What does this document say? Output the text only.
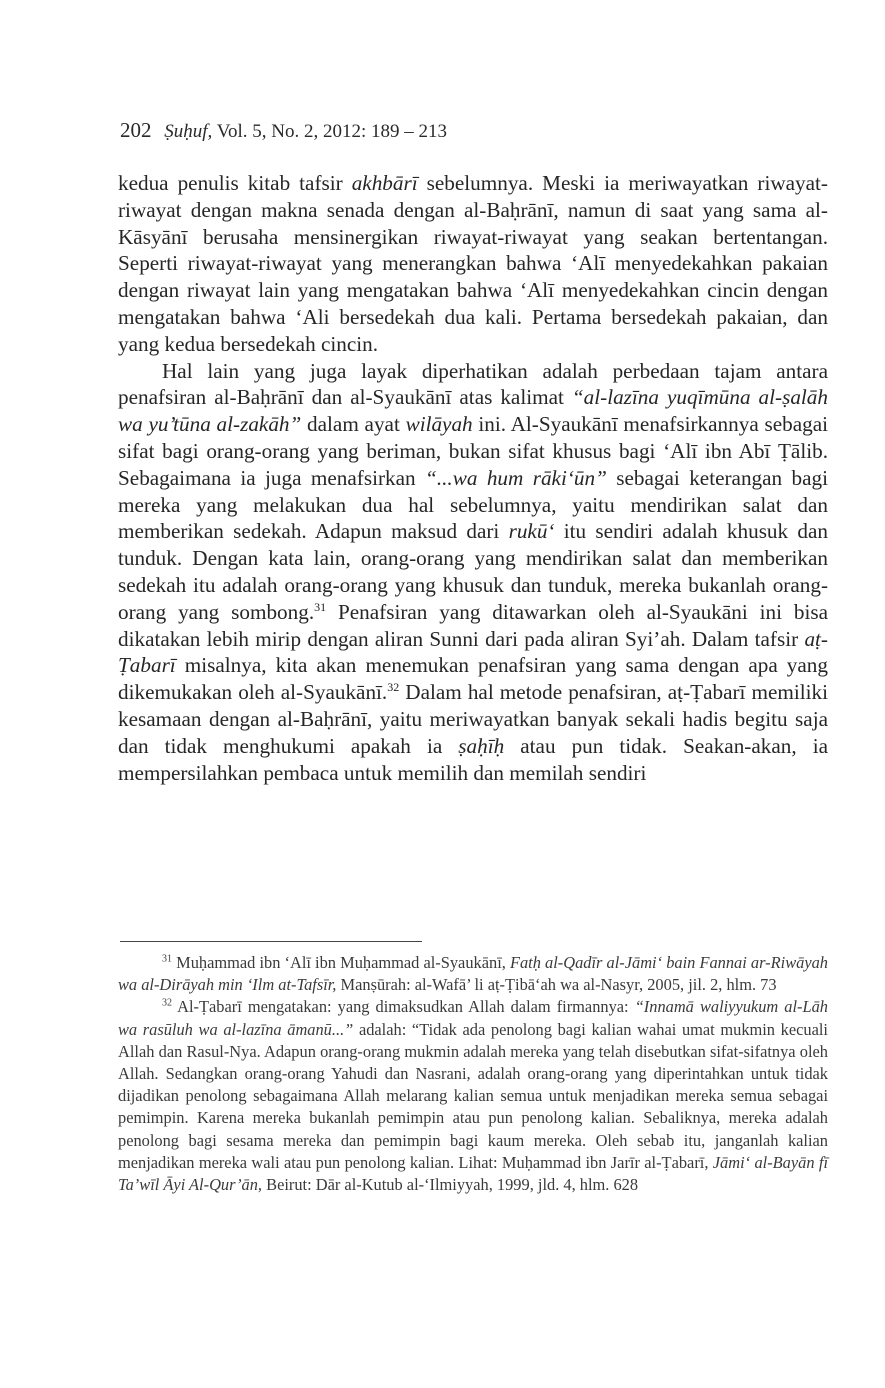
202 Ṣuḥuf, Vol. 5, No. 2, 2012: 189 – 213

kedua penulis kitab tafsir akhbārī sebelumnya. Meski ia meriwayatkan riwayat-riwayat dengan makna senada dengan al-Baḥrānī, namun di saat yang sama al-Kāsyānī berusaha mensinergikan riwayat-riwayat yang seakan bertentangan. Seperti riwayat-riwayat yang menerangkan bahwa ‘Alī menyedekahkan pakaian dengan riwayat lain yang mengatakan bahwa ‘Alī menyedekahkan cincin dengan mengatakan bahwa ‘Ali bersedekah dua kali. Pertama bersedekah pakaian, dan yang kedua bersedekah cincin.

Hal lain yang juga layak diperhatikan adalah perbedaan tajam antara penafsiran al-Baḥrānī dan al-Syaukānī atas kalimat “al-lazīna yuqīmūna al-ṣalāh wa yu’tūna al-zakāh” dalam ayat wilāyah ini. Al-Syaukānī menafsirkannya sebagai sifat bagi orang-orang yang beriman, bukan sifat khusus bagi ‘Alī ibn Abī Ṭālib. Sebagaimana ia juga menafsirkan “...wa hum rāki‘ūn” sebagai keterangan bagi mereka yang melakukan dua hal sebelumnya, yaitu mendirikan salat dan memberikan sedekah. Adapun maksud dari rukū‘ itu sendiri adalah khusuk dan tunduk. Dengan kata lain, orang-orang yang mendirikan salat dan memberikan sedekah itu adalah orang-orang yang khusuk dan tunduk, mereka bukanlah orang-orang yang sombong.$^{31}$ Penafsiran yang ditawarkan oleh al-Syaukāni ini bisa dikatakan lebih mirip dengan aliran Sunni dari pada aliran Syi’ah. Dalam tafsir aṭ-Ṭabarī misalnya, kita akan menemukan penafsiran yang sama dengan apa yang dikemukakan oleh al-Syaukānī.$^{32}$ Dalam hal metode penafsiran, aṭ-Ṭabarī memiliki kesamaan dengan al-Baḥrānī, yaitu meriwayatkan banyak sekali hadis begitu saja dan tidak menghukumi apakah ia ṣaḥīḥ atau pun tidak. Seakan-akan, ia mempersilahkan pembaca untuk memilih dan memilah sendiri

$^{31}$ Muḥammad ibn ‘Alī ibn Muḥammad al-Syaukānī, Fatḥ al-Qadīr al-Jāmi‘ bain Fannai ar-Riwāyah wa al-Dirāyah min ‘Ilm at-Tafsīr, Manṣūrah: al-Wafā’ li aṭ-Ṭibā‘ah wa al-Nasyr, 2005, jil. 2, hlm. 73

$^{32}$ Al-Ṭabarī mengatakan: yang dimaksudkan Allah dalam firmannya: “Innamā waliyyukum al-Lāh wa rasūluh wa al-lazīna āmanū...” adalah: “Tidak ada penolong bagi kalian wahai umat mukmin kecuali Allah dan Rasul-Nya. Adapun orang-orang mukmin adalah mereka yang telah disebutkan sifat-sifatnya oleh Allah. Sedangkan orang-orang Yahudi dan Nasrani, adalah orang-orang yang diperintahkan untuk tidak dijadikan penolong sebagaimana Allah melarang kalian semua untuk menjadikan mereka semua sebagai pemimpin. Karena mereka bukanlah pemimpin atau pun penolong kalian. Sebaliknya, mereka adalah penolong bagi sesama mereka dan pemimpin bagi kaum mereka. Oleh sebab itu, janganlah kalian menjadikan mereka wali atau pun penolong kalian. Lihat: Muḥammad ibn Jarīr al-Ṭabarī, Jāmi‘ al-Bayān fī Ta’wīl Āyi Al-Qur’ān, Beirut: Dār al-Kutub al-‘Ilmiyyah, 1999, jld. 4, hlm. 628
